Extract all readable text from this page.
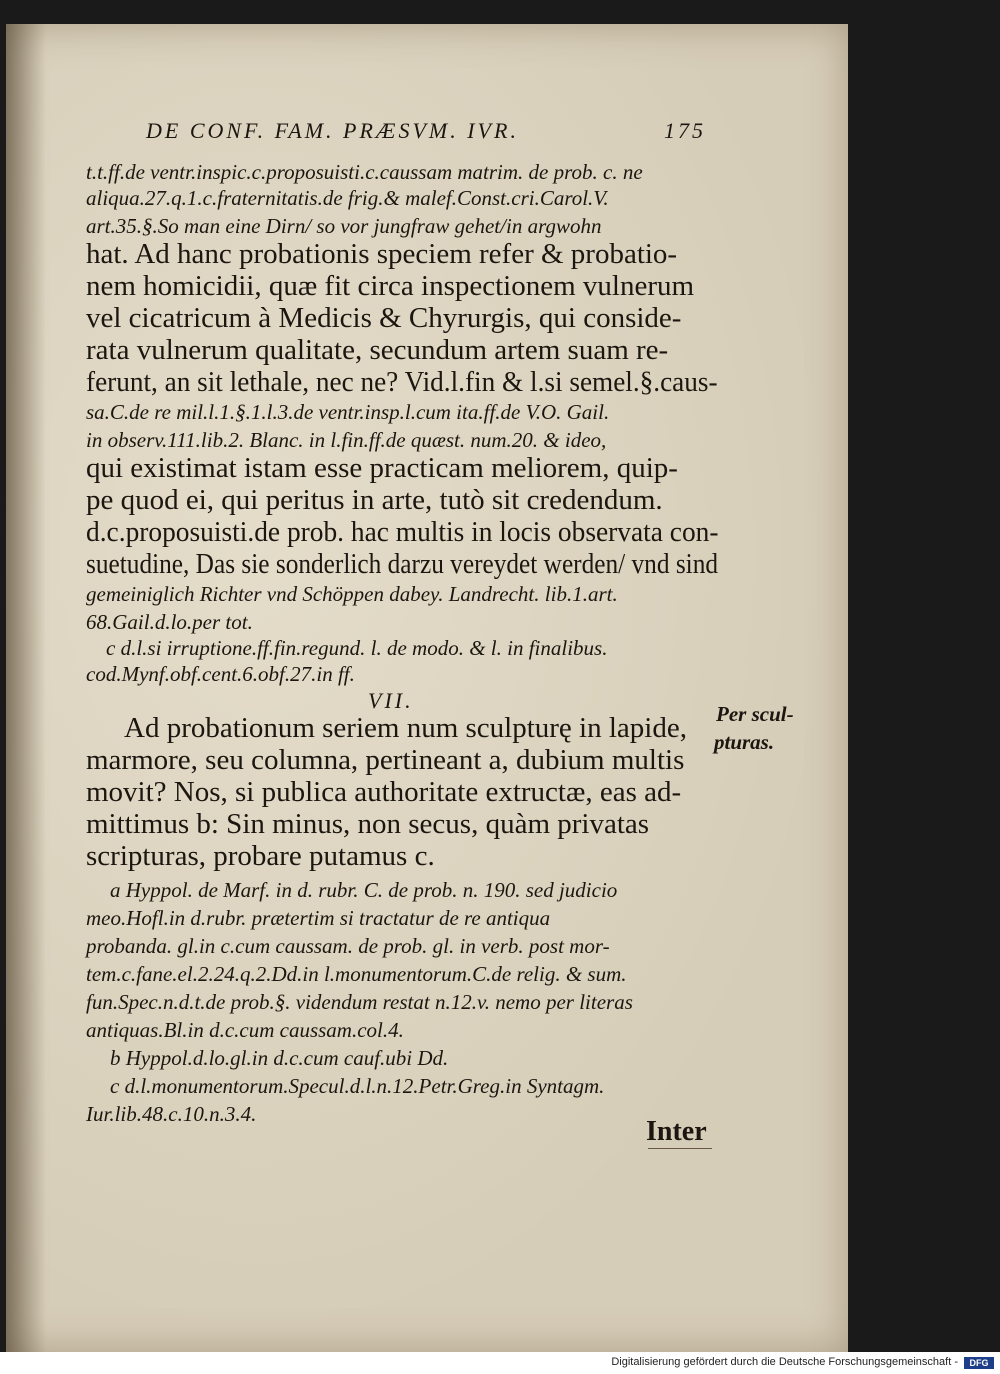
DE CONF. FAM. PRÆSVM. IVR.	175
t.t.ff.de ventr.inspic.c.proposuisti.c.caussam matrim. de prob. c. ne
aliqua.27.q.1.c.fraternitatis.de frig.& malef.Const.cri.Carol.V.
art.35.§.So man eine Dirn/ so vor jungfraw gehet/in argwohn
hat. Ad hanc probationis speciem refer & probatio-
nem homicidii, quæ fit circa inspectionem vulnerum
vel cicatricum à Medicis & Chyrurgis, qui conside-
rata vulnerum qualitate, secundum artem suam re-
ferunt, an sit lethale, nec ne? Vid.l.fin & l.si semel.§.caus-
sa.C.de re mil.l.1.§.1.l.3.de ventr.insp.l.cum ita.ff.de V.O. Gail.
in observ.111.lib.2. Blanc. in l.fin.ff.de quæst. num.20. & ideo,
qui existimat istam esse practicam meliorem, quip-
pe quod ei, qui peritus in arte, tutò sit credendum.
d.c.proposuisti.de prob. hac multis in locis observata con-
suetudine, Das sie sonderlich darzu vereydet werden/ vnd sind
gemeiniglich Richter vnd Schöppen dabey. Landrecht. lib.1.art.
68.Gail.d.lo.per tot.
c d.l.si irruptione.ff.fin.regund. l. de modo. & l. in finalibus.
cod.Mynf.obf.cent.6.obf.27.in ff.
VII.
Ad probationum seriem num sculpturę in lapide,
marmore, seu columna, pertineant a, dubium multis
movit? Nos, si publica authoritate extructæ, eas ad-
mittimus b: Sin minus, non secus, quàm privatas
scripturas, probare putamus c.
a Hyppol. de Marf. in d. rubr. C. de prob. n. 190. sed judicio
meo.Hofl.in d.rubr. prætertim si tractatur de re antiqua
probanda. gl.in c.cum caussam. de prob. gl. in verb. post mor-
tem.c.fane.el.2.24.q.2.Dd.in l.monumentorum.C.de relig. & sum.
fun.Spec.n.d.t.de prob.§. videndum restat n.12.v. nemo per literas
antiquas.Bl.in d.c.cum caussam.col.4.
b Hyppol.d.lo.gl.in d.c.cum cauf.ubi Dd.
c d.l.monumentorum.Specul.d.l.n.12.Petr.Greg.in Syntagm.
Iur.lib.48.c.10.n.3.4.
Per scul-
pturas.
Inter
Digitalisierung gefördert durch die Deutsche Forschungsgemeinschaft -	DFG
